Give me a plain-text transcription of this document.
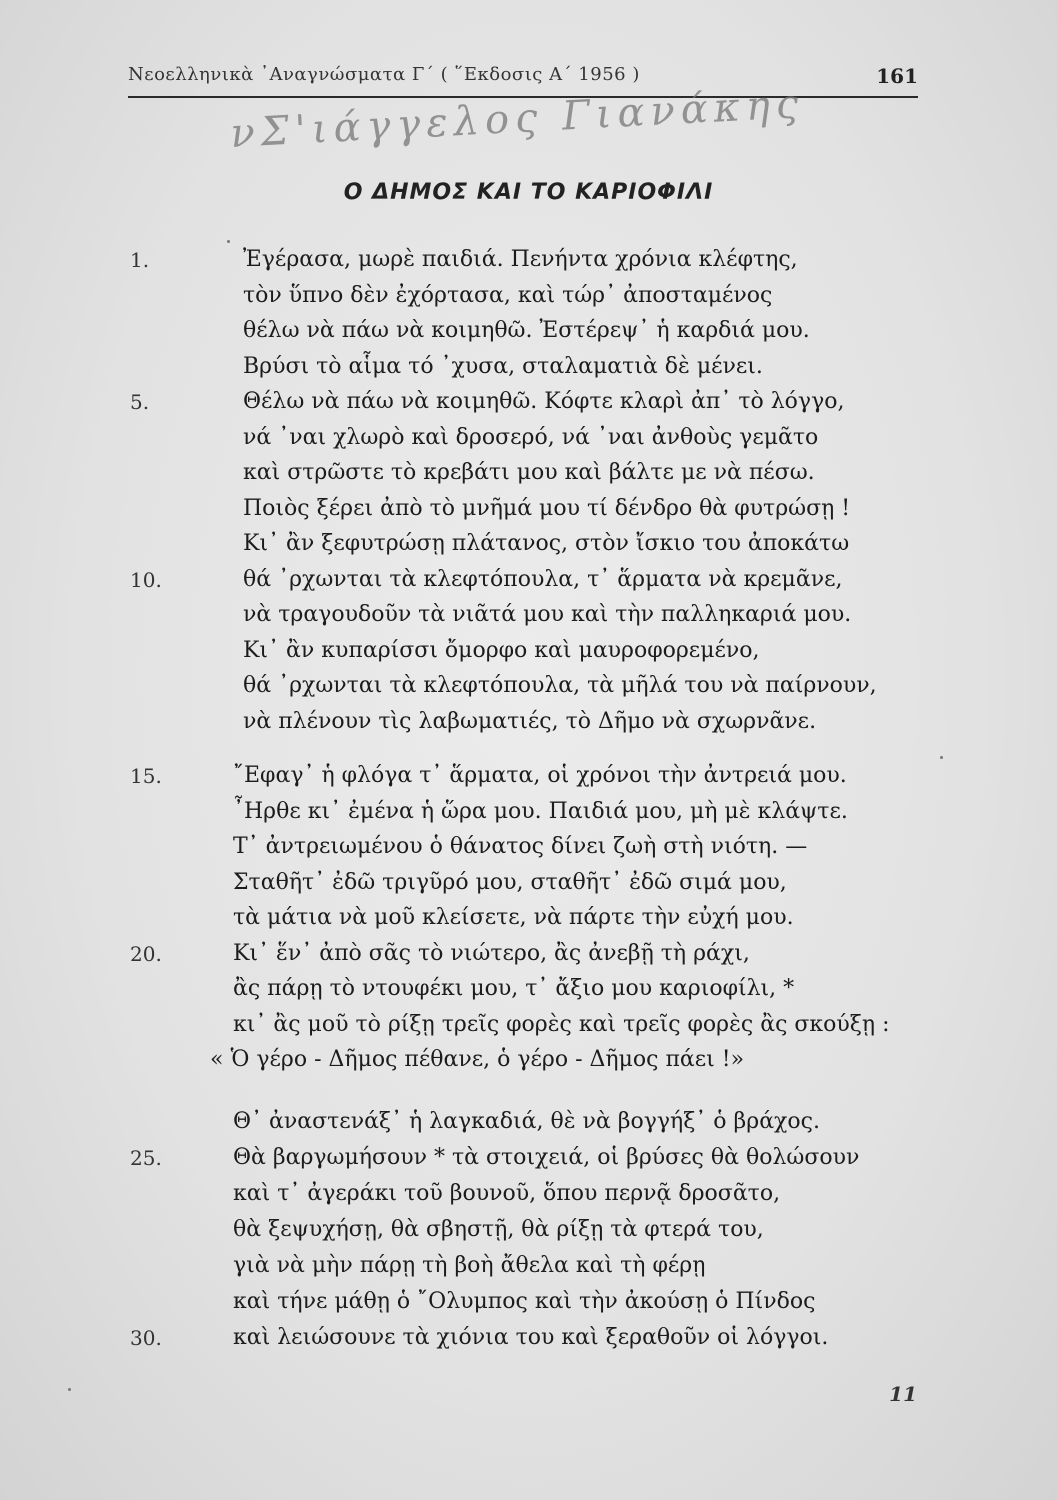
Νεοελληνικὰ ᾿Αναγνώσματα Γ´ ( ῞Εκδοσις Α´ 1956 )	161
νΣ'ιάγγελος Γιανάκης
Ο ΔΗΜΟΣ ΚΑΙ ΤΟ ΚΑΡΙΟΦΙΛΙ
1.
5.
10.
15.
20.
25.
30.
Ἐγέρασα, μωρὲ παιδιά. Πενήντα χρόνια κλέφτης,
τὸν ὕπνο δὲν ἐχόρτασα, καὶ τώρ᾿ ἀποσταμένος
θέλω νὰ πάω νὰ κοιμηθῶ. Ἐστέρεψ᾿ ἡ καρδιά μου.
Βρύσι τὸ αἷμα τό ᾿χυσα, σταλαματιὰ δὲ μένει.
Θέλω νὰ πάω νὰ κοιμηθῶ. Κόφτε κλαρὶ ἀπ᾿ τὸ λόγγο,
νά ᾿ναι χλωρὸ καὶ δροσερό, νά ᾿ναι ἀνθοὺς γεμᾶτο
καὶ στρῶστε τὸ κρεβάτι μου καὶ βάλτε με νὰ πέσω.
Ποιὸς ξέρει ἀπὸ τὸ μνῆμά μου τί δένδρο θὰ φυτρώσῃ !
Κι᾿ ἂν ξεφυτρώσῃ πλάτανος, στὸν ἴσκιο του ἀποκάτω
θά ᾿ρχωνται τὰ κλεφτόπουλα, τ᾿ ἅρματα νὰ κρεμᾶνε,
νὰ τραγουδοῦν τὰ νιᾶτά μου καὶ τὴν παλληκαριά μου.
Κι᾿ ἂν κυπαρίσσι ὄμορφο καὶ μαυροφορεμένο,
θά ᾿ρχωνται τὰ κλεφτόπουλα, τὰ μῆλά του νὰ παίρνουν,
νὰ πλένουν τὶς λαβωματιές, τὸ Δῆμο νὰ σχωρνᾶνε.
῎Εφαγ᾿ ἡ φλόγα τ᾿ ἅρματα, οἱ χρόνοι τὴν ἀντρειά μου.
῏Ηρθε κι᾿ ἐμένα ἡ ὥρα μου. Παιδιά μου, μὴ μὲ κλάψτε.
Τ᾿ ἀντρειωμένου ὁ θάνατος δίνει ζωὴ στὴ νιότη. —
Σταθῆτ᾿ ἐδῶ τριγῦρό μου, σταθῆτ᾿ ἐδῶ σιμά μου,
τὰ μάτια νὰ μοῦ κλείσετε, νὰ πάρτε τὴν εὐχή μου.
Κι᾿ ἕν᾿ ἀπὸ σᾶς τὸ νιώτερο, ἂς ἀνεβῇ τὴ ράχι,
ἂς πάρῃ τὸ ντουφέκι μου, τ᾿ ἄξιο μου καριοφίλι, *
κι᾿ ἂς μοῦ τὸ ρίξῃ τρεῖς φορὲς καὶ τρεῖς φορὲς ἂς σκούξῃ :
« Ὁ γέρο - Δῆμος πέθανε, ὁ γέρο - Δῆμος πάει !»
Θ᾿ ἀναστενάξ᾿ ἡ λαγκαδιά, θὲ νὰ βογγήξ᾿ ὁ βράχος.
Θὰ βαργωμήσουν * τὰ στοιχειά, οἱ βρύσες θὰ θολώσουν
καὶ τ᾿ ἀγεράκι τοῦ βουνοῦ, ὅπου περνᾷ δροσᾶτο,
θὰ ξεψυχήσῃ, θὰ σβηστῇ, θὰ ρίξῃ τὰ φτερά του,
γιὰ νὰ μὴν πάρῃ τὴ βοὴ ἄθελα καὶ τὴ φέρῃ
καὶ τήνε μάθῃ ὁ ῎Ολυμπος καὶ τὴν ἀκούσῃ ὁ Πίνδος
καὶ λειώσουνε τὰ χιόνια του καὶ ξεραθοῦν οἱ λόγγοι.
11
